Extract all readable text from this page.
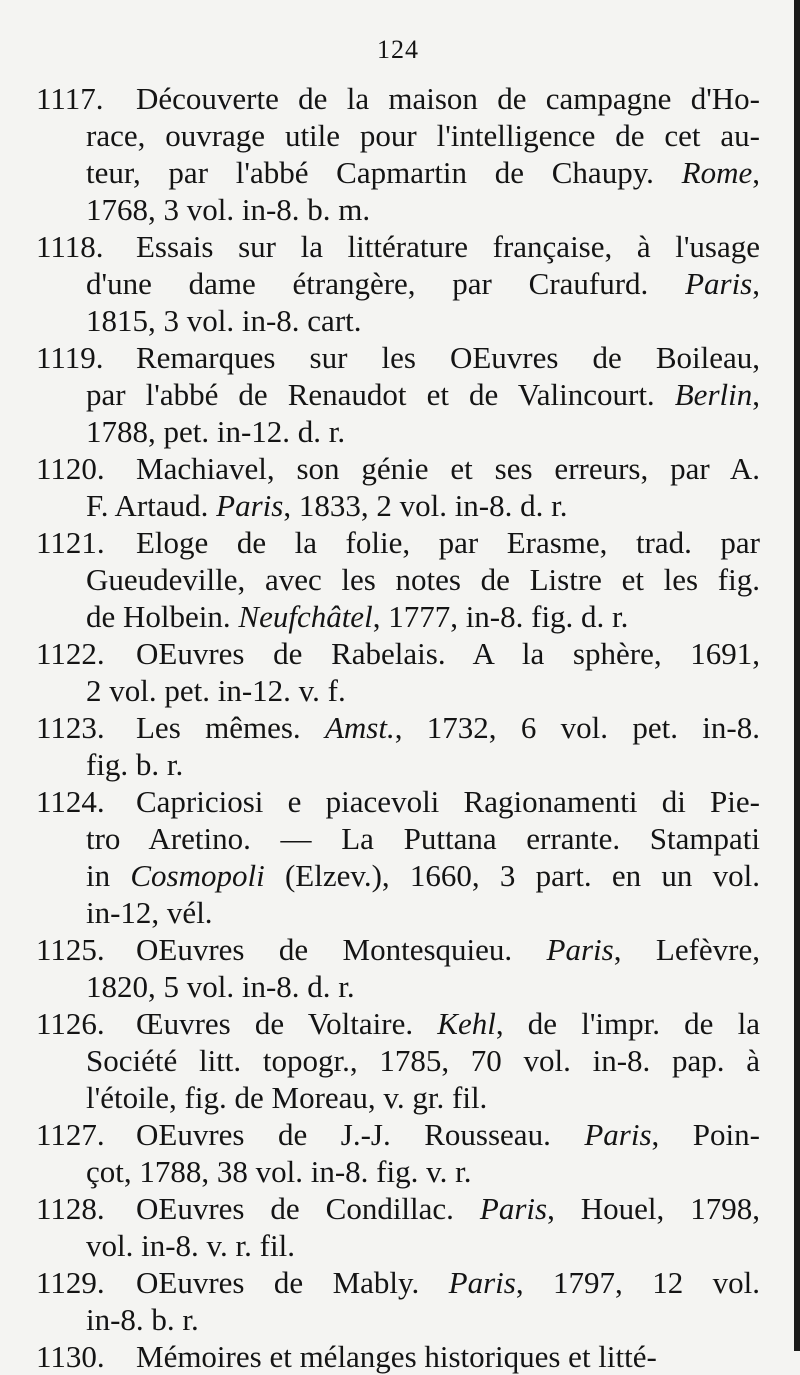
124
1117.	Découverte de la maison de campagne d'Ho-
race, ouvrage utile pour l'intelligence de cet au-
teur, par l'abbé Capmartin de Chaupy. Rome,
1768, 3 vol. in-8. b. m.
1118.	Essais sur la littérature française, à l'usage
d'une dame étrangère, par Craufurd. Paris,
1815, 3 vol. in-8. cart.
1119.	Remarques sur les OEuvres de Boileau,
par l'abbé de Renaudot et de Valincourt. Berlin,
1788, pet. in-12. d. r.
1120.	Machiavel, son génie et ses erreurs, par A.
F. Artaud. Paris, 1833, 2 vol. in-8. d. r.
1121.	Eloge de la folie, par Erasme, trad. par
Gueudeville, avec les notes de Listre et les fig.
de Holbein. Neufchâtel, 1777, in-8. fig. d. r.
1122.	OEuvres de Rabelais. A la sphère, 1691,
2 vol. pet. in-12. v. f.
1123.	Les mêmes. Amst., 1732, 6 vol. pet. in-8.
fig. b. r.
1124.	Capriciosi e piacevoli Ragionamenti di Pie-
tro Aretino. — La Puttana errante. Stampati
in Cosmopoli (Elzev.), 1660, 3 part. en un vol.
in-12, vél.
1125.	OEuvres de Montesquieu. Paris, Lefèvre,
1820, 5 vol. in-8. d. r.
1126.	Œuvres de Voltaire. Kehl, de l'impr. de la
Société litt. topogr., 1785, 70 vol. in-8. pap. à
l'étoile, fig. de Moreau, v. gr. fil.
1127.	OEuvres de J.-J. Rousseau. Paris, Poin-
çot, 1788, 38 vol. in-8. fig. v. r.
1128.	OEuvres de Condillac. Paris, Houel, 1798,
vol. in-8. v. r. fil.
1129.	OEuvres de Mably. Paris, 1797, 12 vol.
in-8. b. r.
1130.	Mémoires et mélanges historiques et litté-
